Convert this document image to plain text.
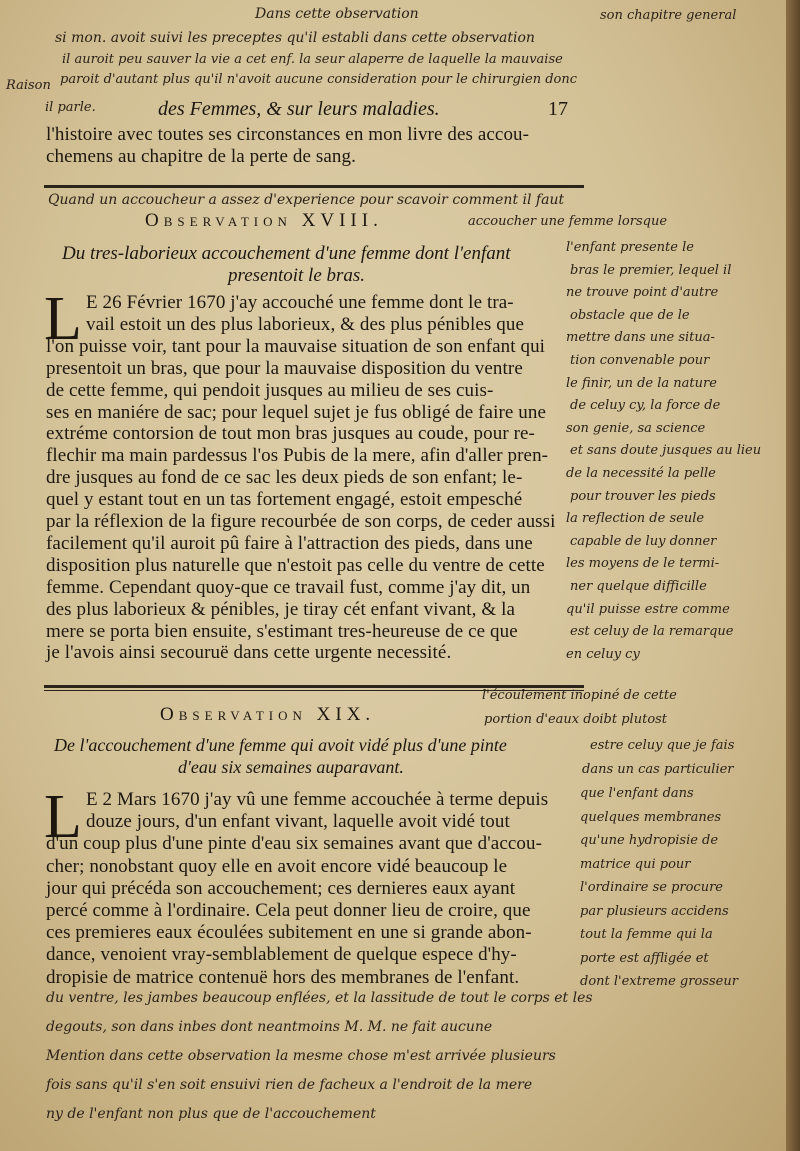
Dans cette observation	son chapitre general
si mon. avoit suivi les preceptes qu'il establi dans cette observation
il auroit peu sauver la vie a cet enf. la seur alaperre de laquelle la mauvaise
Raison paroit d'autant plus qu'il n'avoit aucune consideration pour le chirurgien donc
il parle.	des Femmes, & sur leurs maladies.	17
l'histoire avec toutes ses circonstances en mon livre des accou-
chemens au chapitre de la perte de sang.
Quand un accoucheur a assez d'experience pour scavoir comment il faut
Observation XVIII.	accoucher une femme lorsque
Du tres-laborieux accouchement d'une femme dont l'enfant
presentoit le bras.
L E 26 Février 1670 j'ay accouché une femme dont le tra-
vail estoit un des plus laborieux, & des plus pénibles que
l'on puisse voir, tant pour la mauvaise situation de son enfant qui
presentoit un bras, que pour la mauvaise disposition du ventre
de cette femme, qui pendoit jusques au milieu de ses cuis-
ses en maniére de sac; pour lequel sujet je fus obligé de faire une
extréme contorsion de tout mon bras jusques au coude, pour re-
flechir ma main pardessus l'os Pubis de la mere, afin d'aller pren-
dre jusques au fond de ce sac les deux pieds de son enfant; le-
quel y estant tout en un tas fortement engagé, estoit empesché
par la réflexion de la figure recourbée de son corps, de ceder aussi
facilement qu'il auroit pû faire à l'attraction des pieds, dans une
disposition plus naturelle que n'estoit pas celle du ventre de cette
femme. Cependant quoy-que ce travail fust, comme j'ay dit, un
des plus laborieux & pénibles, je tiray cét enfant vivant, & la
mere se porta bien ensuite, s'estimant tres-heureuse de ce que
je l'avois ainsi secouruë dans cette urgente necessité.
l'enfant presente le
bras le premier, lequel il
ne trouve point d'autre
obstacle que de le
mettre dans une situa-
tion convenable pour
le finir, un de la nature
de celuy cy, la force de
son genie, sa science
et sans doute jusques au lieu
de la necessité la pelle
pour trouver les pieds
la reflection de seule
capable de luy donner
les moyens de le termi-
ner quelque difficille
qu'il puisse estre comme
est celuy de la remarque
en celuy cy
Observation XIX.
l'écoulement inopiné de cette
portion d'eaux doibt plutost
estre celuy que je fais
dans un cas particulier
De l'accouchement d'une femme qui avoit vidé plus d'une pinte
d'eau six semaines auparavant.
L E 2 Mars 1670 j'ay vû une femme accouchée à terme depuis
douze jours, d'un enfant vivant, laquelle avoit vidé tout
d'un coup plus d'une pinte d'eau six semaines avant que d'accou-
cher; nonobstant quoy elle en avoit encore vidé beaucoup le
jour qui précéda son accouchement; ces dernieres eaux ayant
percé comme à l'ordinaire. Cela peut donner lieu de croire, que
ces premieres eaux écoulées subitement en une si grande abon-
dance, venoient vray-semblablement de quelque espece d'hy-
dropisie de matrice contenuë hors des membranes de l'enfant.
que l'enfant dans
quelques membranes
qu'une hydropisie de
matrice qui pour
l'ordinaire se procure
par plusieurs accidens
tout la femme qui la
porte est affligée et
dont l'extreme grosseur
du ventre, les jambes beaucoup enflées, et la lassitude de tout le corps et les
degouts, son dans inbes dont neantmoins M. M. ne fait aucune
Mention dans cette observation la mesme chose m'est arrivée plusieurs
fois sans qu'il s'en soit ensuivi rien de facheux a l'endroit de la mere
ny de l'enfant non plus que de l'accouchement
